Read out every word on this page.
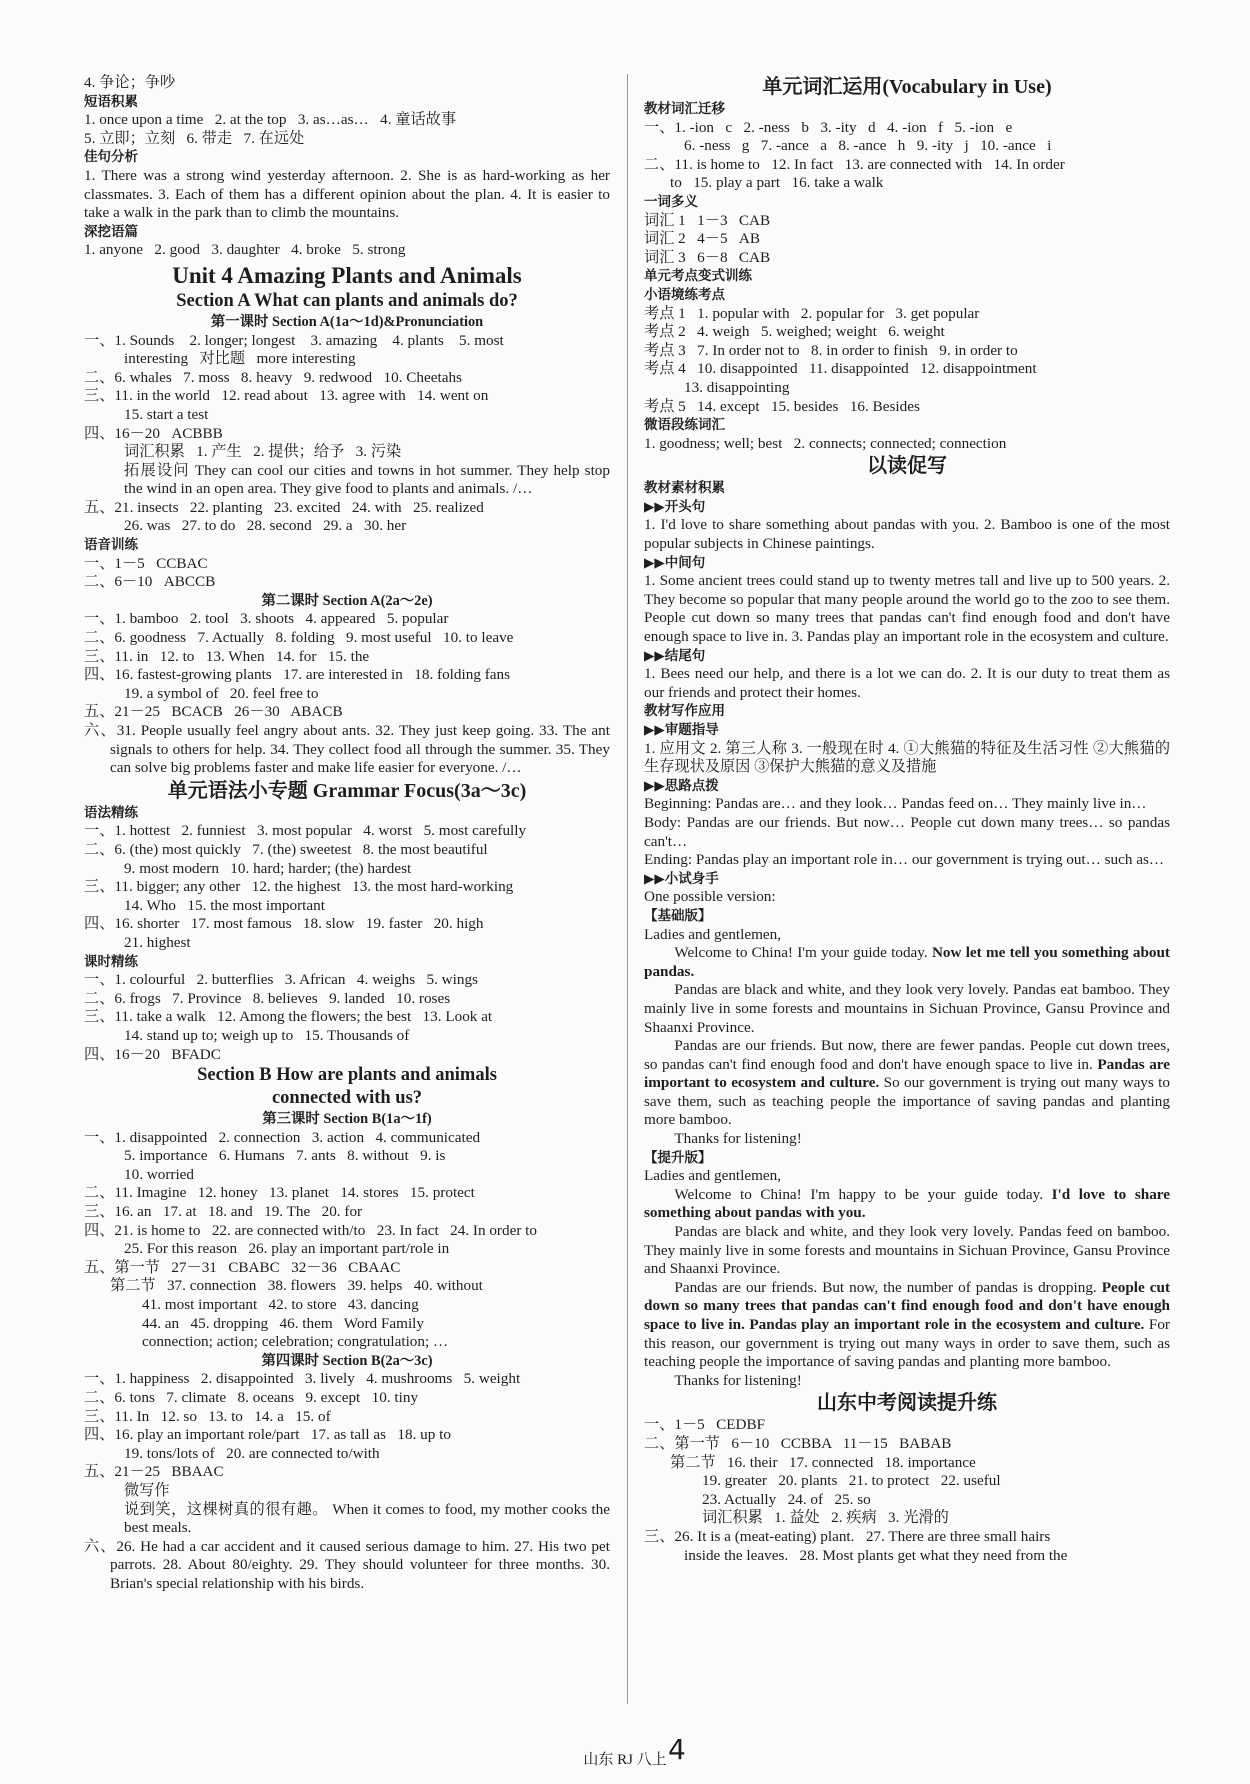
4. 争论；争吵
短语积累
1. once upon a time   2. at the top   3. as…as…   4. 童话故事
5. 立即；立刻   6. 带走   7. 在远处
佳句分析
1. There was a strong wind yesterday afternoon. 2. She is as hard-working as her classmates. 3. Each of them has a different opinion about the plan. 4. It is easier to take a walk in the park than to climb the mountains.
深挖语篇
1. anyone   2. good   3. daughter   4. broke   5. strong
Unit 4 Amazing Plants and Animals
Section A What can plants and animals do?
第一课时 Section A(1a～1d)&Pronunciation
一、1. Sounds    2. longer; longest    3. amazing    4. plants    5. most
interesting   对比题   more interesting
二、6. whales   7. moss   8. heavy   9. redwood   10. Cheetahs
三、11. in the world   12. read about   13. agree with   14. went on
15. start a test
四、16－20   ACBBB
词汇积累   1. 产生   2. 提供；给予   3. 污染
拓展设问 They can cool our cities and towns in hot summer. They help stop the wind in an open area. They give food to plants and animals. /…
五、21. insects   22. planting   23. excited   24. with   25. realized
26. was   27. to do   28. second   29. a   30. her
语音训练
一、1－5   CCBAC
二、6－10   ABCCB
第二课时 Section A(2a～2e)
一、1. bamboo   2. tool   3. shoots   4. appeared   5. popular
二、6. goodness   7. Actually   8. folding   9. most useful   10. to leave
三、11. in   12. to   13. When   14. for   15. the
四、16. fastest-growing plants   17. are interested in   18. folding fans
19. a symbol of   20. feel free to
五、21－25   BCACB   26－30   ABACB
六、31. People usually feel angry about ants. 32. They just keep going. 33. The ant signals to others for help. 34. They collect food all through the summer. 35. They can solve big problems faster and make life easier for everyone. /…
单元语法小专题 Grammar Focus(3a～3c)
语法精练
一、1. hottest   2. funniest   3. most popular   4. worst   5. most carefully
二、6. (the) most quickly   7. (the) sweetest   8. the most beautiful
9. most modern   10. hard; harder; (the) hardest
三、11. bigger; any other   12. the highest   13. the most hard-working
14. Who   15. the most important
四、16. shorter   17. most famous   18. slow   19. faster   20. high
21. highest
课时精练
一、1. colourful   2. butterflies   3. African   4. weighs   5. wings
二、6. frogs   7. Province   8. believes   9. landed   10. roses
三、11. take a walk   12. Among the flowers; the best   13. Look at
14. stand up to; weigh up to   15. Thousands of
四、16－20   BFADC
Section B How are plants and animals
connected with us?
第三课时 Section B(1a～1f)
一、1. disappointed   2. connection   3. action   4. communicated
5. importance   6. Humans   7. ants   8. without   9. is
10. worried
二、11. Imagine   12. honey   13. planet   14. stores   15. protect
三、16. an   17. at   18. and   19. The   20. for
四、21. is home to   22. are connected with/to   23. In fact   24. In order to
25. For this reason   26. play an important part/role in
五、第一节   27－31   CBABC   32－36   CBAAC
第二节   37. connection   38. flowers   39. helps   40. without
41. most important   42. to store   43. dancing
44. an   45. dropping   46. them   Word Family
connection; action; celebration; congratulation; …
第四课时 Section B(2a～3c)
一、1. happiness   2. disappointed   3. lively   4. mushrooms   5. weight
二、6. tons   7. climate   8. oceans   9. except   10. tiny
三、11. In   12. so   13. to   14. a   15. of
四、16. play an important role/part   17. as tall as   18. up to
19. tons/lots of   20. are connected to/with
五、21－25   BBAAC
微写作
说到笑，这棵树真的很有趣。 When it comes to food, my mother cooks the best meals.
六、26. He had a car accident and it caused serious damage to him. 27. His two pet parrots. 28. About 80/eighty. 29. They should volunteer for three months. 30. Brian's special relationship with his birds.
单元词汇运用(Vocabulary in Use)
教材词汇迁移
一、1. -ion   c   2. -ness   b   3. -ity   d   4. -ion   f   5. -ion   e
6. -ness   g   7. -ance   a   8. -ance   h   9. -ity   j   10. -ance   i
二、11. is home to   12. In fact   13. are connected with   14. In order
to   15. play a part   16. take a walk
一词多义
词汇 1   1－3   CAB
词汇 2   4－5   AB
词汇 3   6－8   CAB
单元考点变式训练
小语境练考点
考点 1   1. popular with   2. popular for   3. get popular
考点 2   4. weigh   5. weighed; weight   6. weight
考点 3   7. In order not to   8. in order to finish   9. in order to
考点 4   10. disappointed   11. disappointed   12. disappointment
13. disappointing
考点 5   14. except   15. besides   16. Besides
微语段练词汇
1. goodness; well; best   2. connects; connected; connection
以读促写
教材素材积累
▶▶开头句
1. I'd love to share something about pandas with you. 2. Bamboo is one of the most popular subjects in Chinese paintings.
▶▶中间句
1. Some ancient trees could stand up to twenty metres tall and live up to 500 years. 2. They become so popular that many people around the world go to the zoo to see them. People cut down so many trees that pandas can't find enough food and don't have enough space to live in. 3. Pandas play an important role in the ecosystem and culture.
▶▶结尾句
1. Bees need our help, and there is a lot we can do. 2. It is our duty to treat them as our friends and protect their homes.
教材写作应用
▶▶审题指导
1. 应用文 2. 第三人称 3. 一般现在时 4. ①大熊猫的特征及生活习性 ②大熊猫的生存现状及原因 ③保护大熊猫的意义及措施
▶▶思路点拨
Beginning: Pandas are… and they look… Pandas feed on… They mainly live in…
Body: Pandas are our friends. But now… People cut down many trees… so pandas can't…
Ending: Pandas play an important role in… our government is trying out… such as…
▶▶小试身手
One possible version:
【基础版】
Ladies and gentlemen,
Welcome to China! I'm your guide today. Now let me tell you something about pandas.
Pandas are black and white, and they look very lovely. Pandas eat bamboo. They mainly live in some forests and mountains in Sichuan Province, Gansu Province and Shaanxi Province.
Pandas are our friends. But now, there are fewer pandas. People cut down trees, so pandas can't find enough food and don't have enough space to live in. Pandas are important to ecosystem and culture. So our government is trying out many ways to save them, such as teaching people the importance of saving pandas and planting more bamboo.
Thanks for listening!
【提升版】
Ladies and gentlemen,
Welcome to China! I'm happy to be your guide today. I'd love to share something about pandas with you.
Pandas are black and white, and they look very lovely. Pandas feed on bamboo. They mainly live in some forests and mountains in Sichuan Province, Gansu Province and Shaanxi Province.
Pandas are our friends. But now, the number of pandas is dropping. People cut down so many trees that pandas can't find enough food and don't have enough space to live in. Pandas play an important role in the ecosystem and culture. For this reason, our government is trying out many ways in order to save them, such as teaching people the importance of saving pandas and planting more bamboo.
Thanks for listening!
山东中考阅读提升练
一、1－5   CEDBF
二、第一节   6－10   CCBBA   11－15   BABAB
第二节   16. their   17. connected   18. importance
19. greater   20. plants   21. to protect   22. useful
23. Actually   24. of   25. so
词汇积累   1. 益处   2. 疾病   3. 光滑的
三、26. It is a (meat-eating) plant.   27. There are three small hairs
inside the leaves.   28. Most plants get what they need from the
山东 RJ 八上 4
